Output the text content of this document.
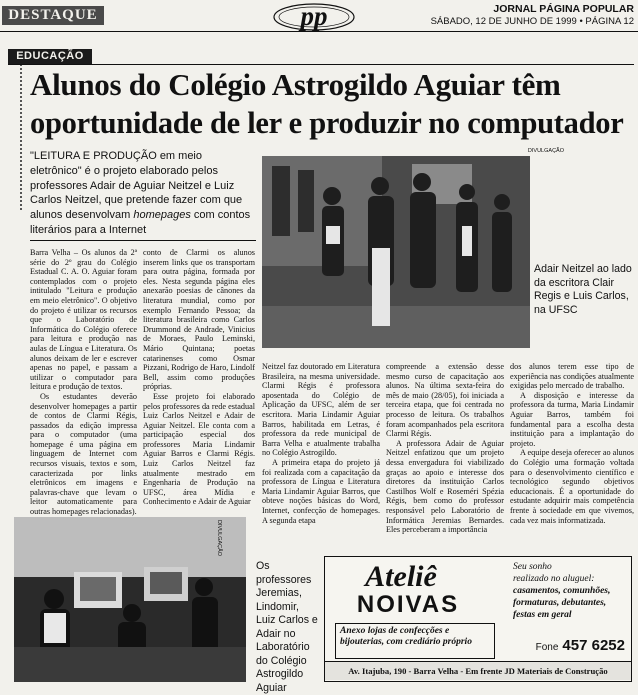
DESTAQUE	pp	JORNAL PÁGINA POPULAR
SÁBADO, 12 DE JUNHO DE 1999 • PÁGINA 12
EDUCAÇÃO
Alunos do Colégio Astrogildo Aguiar têm
oportunidade de ler e produzir no computador
"LEITURA E PRODUÇÃO em meio eletrônico" é o projeto elaborado pelos professores Adair de Aguiar Neitzel e Luiz Carlos Neitzel, que pretende fazer com que alunos desenvolvam homepages com contos literários para a Internet
DIVULGAÇÃO
Adair Neitzel ao lado da escritora Clair Regis e Luis Carlos, na UFSC

Barra Velha – Os alunos da 2ª série do 2º grau do Colégio Estadual C. A. O. Aguiar foram contemplados com o projeto intitulado "Leitura e produção em meio eletrônico". O objetivo do projeto é utilizar os recursos que o Laboratório de Informática do Colégio oferece para leitura e produção nas aulas de Língua e Literatura. Os alunos deixam de ler e escrever apenas no papel, e passam a utilizar o computador para leitura e produção de textos.

Os estudantes deverão desenvolver homepages a partir de contos de Clarmi Régis, passados da edição impressa para o computador (uma homepage é uma página em linguagem de Internet com recursos visuais, textos e som, caracterizada por links eletrônicos em imagens e palavras-chave que levam o leitor automaticamente para outras homepages relacionadas).

conto de Clarmi os alunos inserem links que os transportam para outra página, formada por eles. Nesta segunda página eles anexarão poesias de cânones da literatura mundial, como por exemplo Fernando Pessoa; da literatura brasileira como Carlos Drummond de Andrade, Vinicius de Moraes, Paulo Leminski, Mário Quintana; poetas catarinenses como Osmar Pizzani, Rodrigo de Haro, Lindolf Bell, assim como produções próprias.

Esse projeto foi elaborado pelos professores da rede estadual Luiz Carlos Neitzel e Adair de Aguiar Neitzel. Ele conta com a participação especial dos professores Maria Lindamir Aguiar Barros e Clarmi Régis. Luiz Carlos Neitzel faz atualmente mestrado em Engenharia de Produção na UFSC, área Mídia e Conhecimento e Adair de Aguiar

Neitzel faz doutorado em Literatura Brasileira, na mesma universidade. Clarmi Régis é professora aposentada do Colégio de Aplicação da UFSC, além de ser escritora. Maria Lindamir Aguiar Barros, habilitada em Letras, é professora da rede municipal de Barra Velha e atualmente trabalha no Colégio Astrogildo.

A primeira etapa do projeto já foi realizada com a capacitação da professora de Língua e Literatura Maria Lindamir Aguiar Barros, que obteve noções básicas do Word, Internet, confecção de homepages. A segunda etapa

compreende a extensão desse mesmo curso de capacitação aos alunos. Na última sexta-feira do mês de maio (28/05), foi iniciada a terceira etapa, que foi centrada no processo de leitura. Os trabalhos foram acompanhados pela escritora Clarmi Régis.

A professora Adair de Aguiar Neitzel enfatizou que um projeto dessa envergadura foi viabilizado graças ao apoio e interesse dos diretores da instituição Carlos Castilhos Wolf e Roseméri Spézia Régis, bem como do professor responsável pelo Laboratório de Informática Jeremias Bernardes. Eles perceberam a importância

dos alunos terem esse tipo de experiência nas condições atualmente exigidas pelo mercado de trabalho.

A disposição e interesse da professora da turma, Maria Lindamir Aguiar Barros, também foi fundamental para a escolha desta instituição para a implantação do projeto.

A equipe deseja oferecer ao alunos do Colégio uma formação voltada para o desenvolvimento científico e tecnológico segundo objetivos educacionais. É a oportunidade do estudante adquirir mais competência frente à sociedade em que vivemos, cada vez mais informatizada.

DIVULGAÇÃO
Os professores Jeremias, Lindomir, Luiz Carlos e Adair no Laboratório do Colégio Astrogildo Aguiar
Ateliê
NOIVAS
Seu sonho
realizado no aluguel:
casamentos, comunhões, formaturas, debutantes, festas em geral
Anexo lojas de confecções e bijouterias, com crediário próprio	Fone 457 6252
Av. Itajuba, 190 - Barra Velha - Em frente JD Materiais de Construção
